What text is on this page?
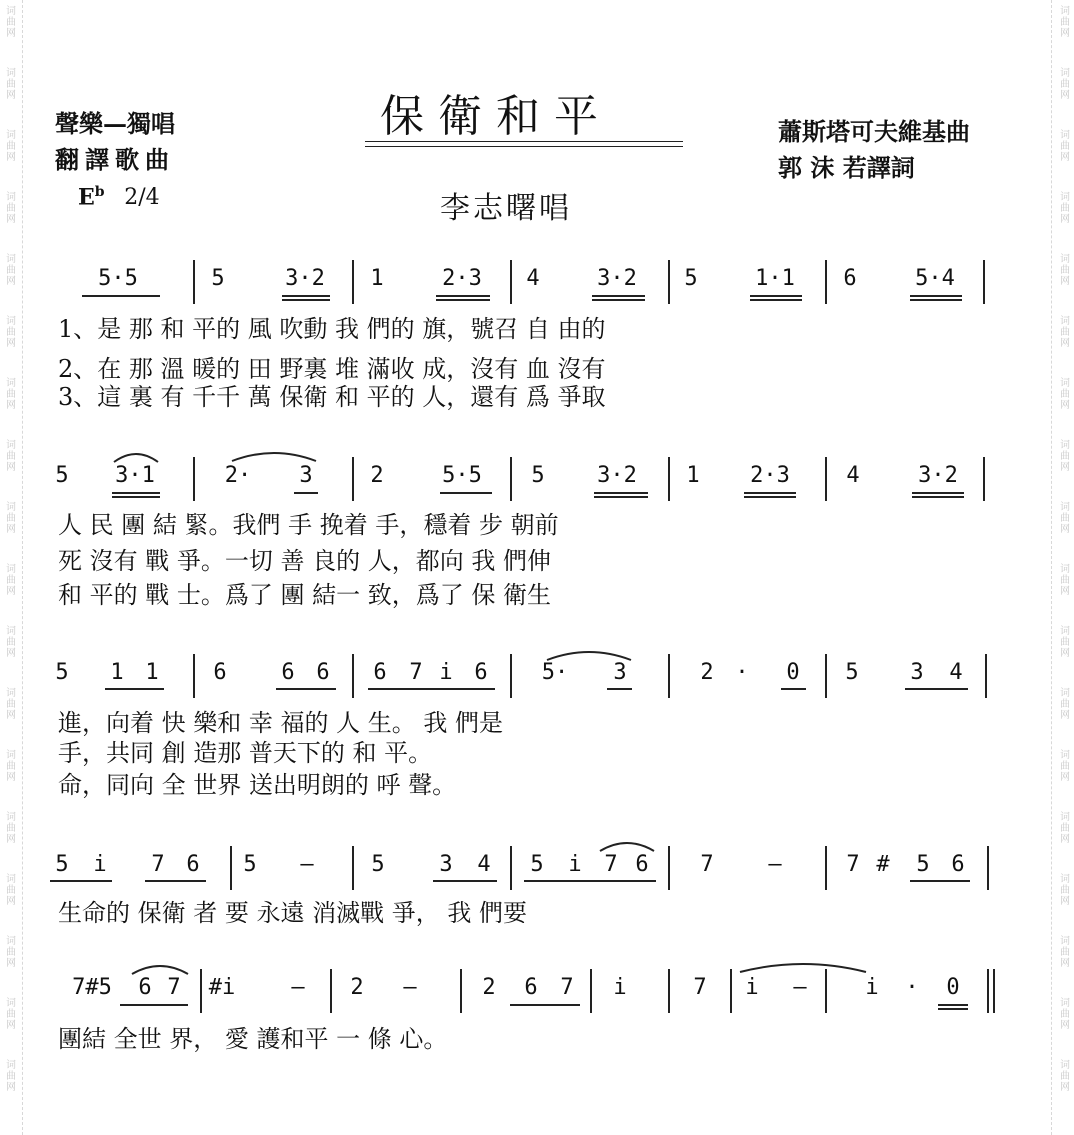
词
曲
网
词
曲
网
词
曲
网
词
曲
网
词
曲
网
词
曲
网
词
曲
网
词
曲
网
词
曲
网
词
曲
网
词
曲
网
词
曲
网
词
曲
网
词
曲
网
词
曲
网
词
曲
网
词
曲
网
词
曲
网
词
曲
网
词
曲
网
词
曲
网
词
曲
网
词
曲
网
词
曲
网
词
曲
网
词
曲
网
词
曲
网
词
曲
网
词
曲
网
词
曲
网
词
曲
网
词
曲
网
词
曲
网
词
曲
网
词
曲
网
词
曲
网
聲樂—獨唱
翻譯歌曲
保衛和平	蕭斯塔可夫維基曲
郭 沫 若譯詞
$E^b$ 2/4	李志曙唱
5·5	5	3·2	1	2·3	4	3·2	5	1·1	6	5·4
5	3·1	2·	3	2	5·5	5	3·2	1	2·3	4	3·2
5	1 1	6	6 6	6	7 i 6	5·	3	2 ·	0	5	3	4
5	i	7 6	5	—	5	3	4	5	i	7 6	7	—	7 #	5 6
7#5	6 7	#i	—	2	—	2	6	7	i	7	i	—	i	·	0
1、是 那 和 平的 風 吹動 我 們的 旗，號召 自 由的
2、在 那 溫 暖的 田 野裏 堆 滿收 成，沒有 血 沒有
3、這 裏 有 千千 萬 保衛 和 平的 人，還有 爲 爭取
人 民 團 結 緊。我們 手 挽着 手，穩着 步 朝前
死 沒有 戰 爭。一切 善 良的 人，都向 我 們伸
和 平的 戰 士。爲了 團 結一 致，爲了 保 衛生
進，向着 快 樂和 幸 福的 人 生。 我 們是
手，共同 創 造那 普天下的 和 平。
命，同向 全 世界 送出明朗的 呼 聲。
生命的 保衛 者 要 永遠 消滅戰 爭， 我 們要
團結 全世 界， 愛 護和平 一 條 心。
